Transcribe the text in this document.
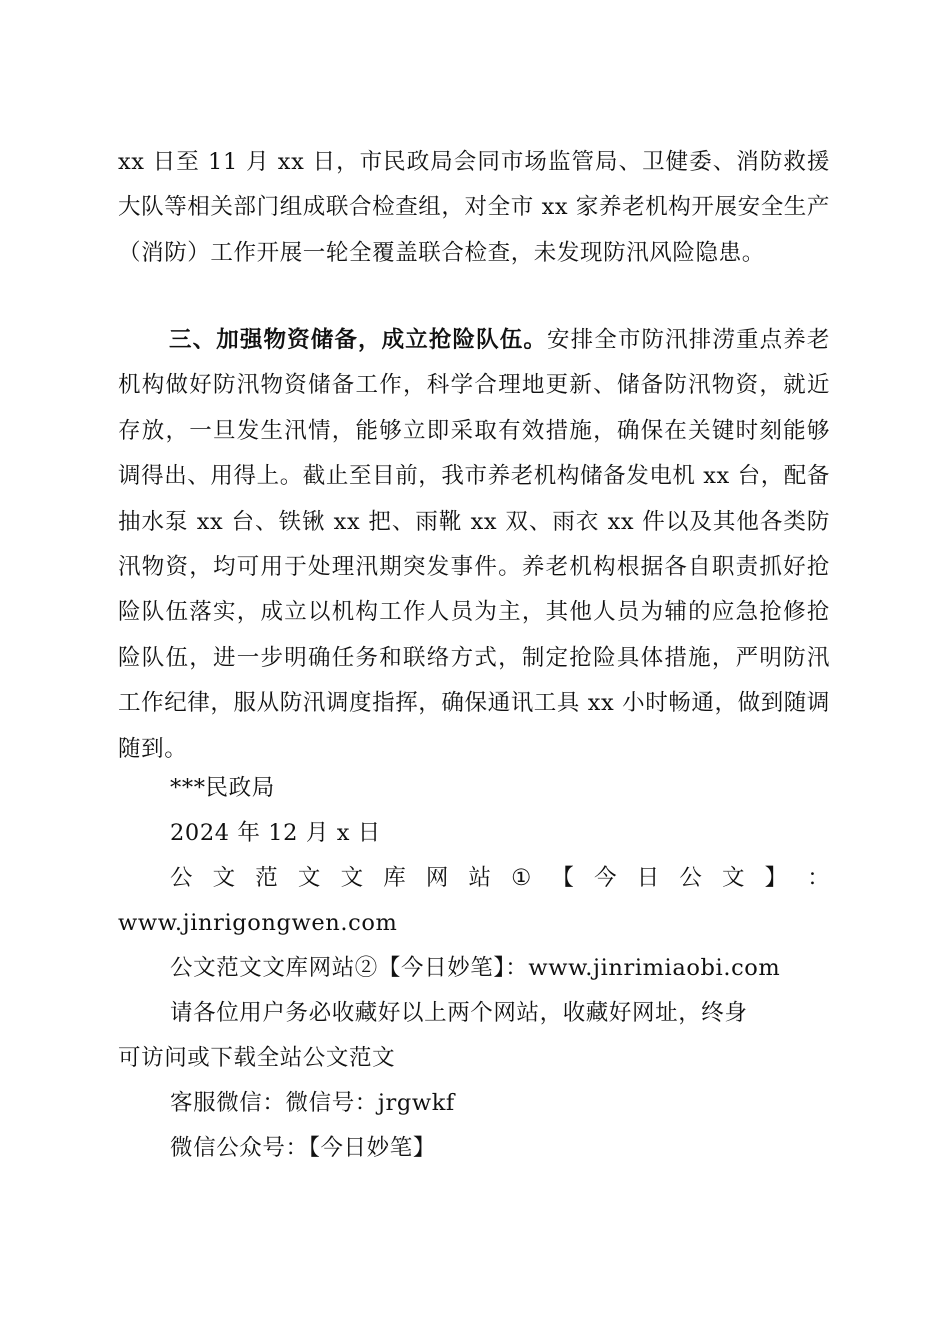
xx 日至 11 月 xx 日，市民政局会同市场监管局、卫健委、消防救援大队等相关部门组成联合检查组，对全市 xx 家养老机构开展安全生产（消防）工作开展一轮全覆盖联合检查，未发现防汛风险隐患。

三、加强物资储备，成立抢险队伍。安排全市防汛排涝重点养老机构做好防汛物资储备工作，科学合理地更新、储备防汛物资，就近存放，一旦发生汛情，能够立即采取有效措施，确保在关键时刻能够调得出、用得上。截止至目前，我市养老机构储备发电机 xx 台，配备抽水泵 xx 台、铁锹 xx 把、雨靴 xx 双、雨衣 xx 件以及其他各类防汛物资，均可用于处理汛期突发事件。养老机构根据各自职责抓好抢险队伍落实，成立以机构工作人员为主，其他人员为辅的应急抢修抢险队伍，进一步明确任务和联络方式，制定抢险具体措施，严明防汛工作纪律，服从防汛调度指挥，确保通讯工具 xx 小时畅通，做到随调随到。

***民政局
2024 年 12 月 x 日
公 文 范 文 文 库 网 站 ① 【 今 日 公 文 】 ：
www.jinrigongwen.com
公文范文文库网站②【今日妙笔】：www.jinrimiaobi.com
请各位用户务必收藏好以上两个网站，收藏好网址，终身
可访问或下载全站公文范文
客服微信：微信号：jrgwkf
微信公众号：【今日妙笔】
